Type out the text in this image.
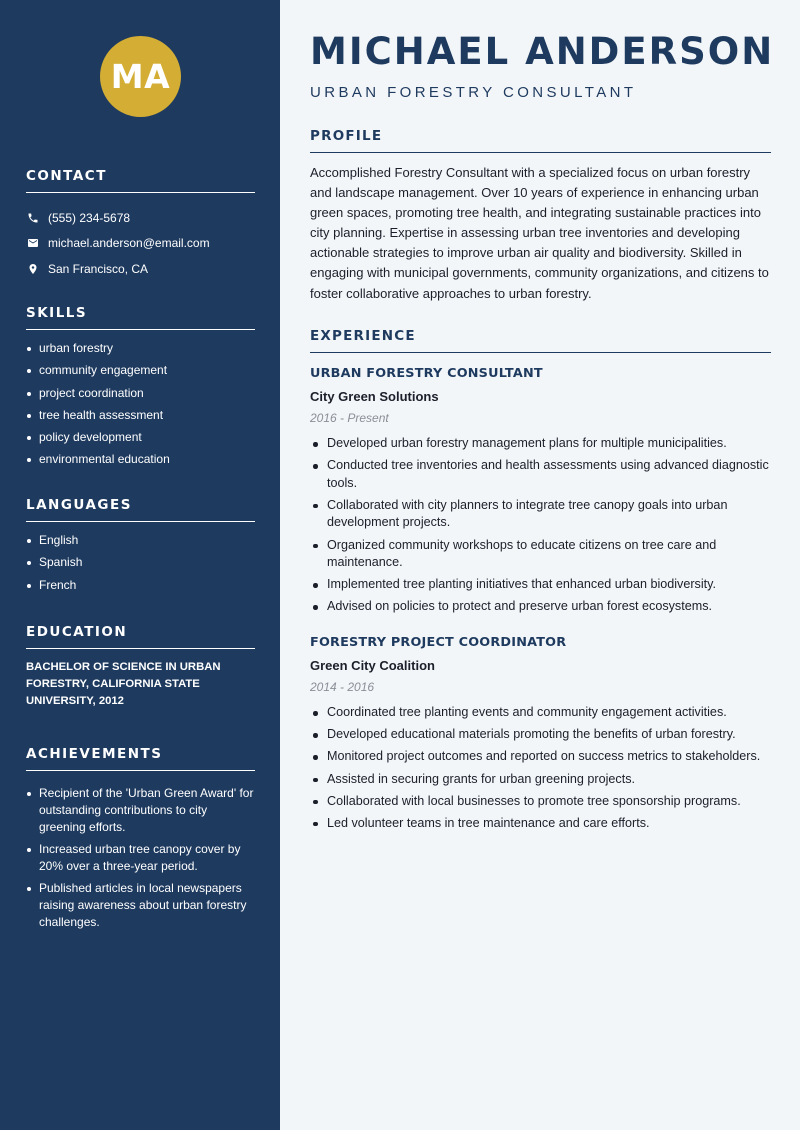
MA
CONTACT
(555) 234-5678
michael.anderson@email.com
San Francisco, CA
SKILLS
urban forestry
community engagement
project coordination
tree health assessment
policy development
environmental education
LANGUAGES
English
Spanish
French
EDUCATION

BACHELOR OF SCIENCE IN URBAN FORESTRY, CALIFORNIA STATE UNIVERSITY, 2012

ACHIEVEMENTS
Recipient of the 'Urban Green Award' for outstanding contributions to city greening efforts.
Increased urban tree canopy cover by 20% over a three-year period.
Published articles in local newspapers raising awareness about urban forestry challenges.
MICHAEL ANDERSON
URBAN FORESTRY CONSULTANT
PROFILE

Accomplished Forestry Consultant with a specialized focus on urban forestry and landscape management. Over 10 years of experience in enhancing urban green spaces, promoting tree health, and integrating sustainable practices into city planning. Expertise in assessing urban tree inventories and developing actionable strategies to improve urban air quality and biodiversity. Skilled in engaging with municipal governments, community organizations, and citizens to foster collaborative approaches to urban forestry.

EXPERIENCE
URBAN FORESTRY CONSULTANT
City Green Solutions
2016 - Present
Developed urban forestry management plans for multiple municipalities.
Conducted tree inventories and health assessments using advanced diagnostic tools.
Collaborated with city planners to integrate tree canopy goals into urban development projects.
Organized community workshops to educate citizens on tree care and maintenance.
Implemented tree planting initiatives that enhanced urban biodiversity.
Advised on policies to protect and preserve urban forest ecosystems.
FORESTRY PROJECT COORDINATOR
Green City Coalition
2014 - 2016
Coordinated tree planting events and community engagement activities.
Developed educational materials promoting the benefits of urban forestry.
Monitored project outcomes and reported on success metrics to stakeholders.
Assisted in securing grants for urban greening projects.
Collaborated with local businesses to promote tree sponsorship programs.
Led volunteer teams in tree maintenance and care efforts.
